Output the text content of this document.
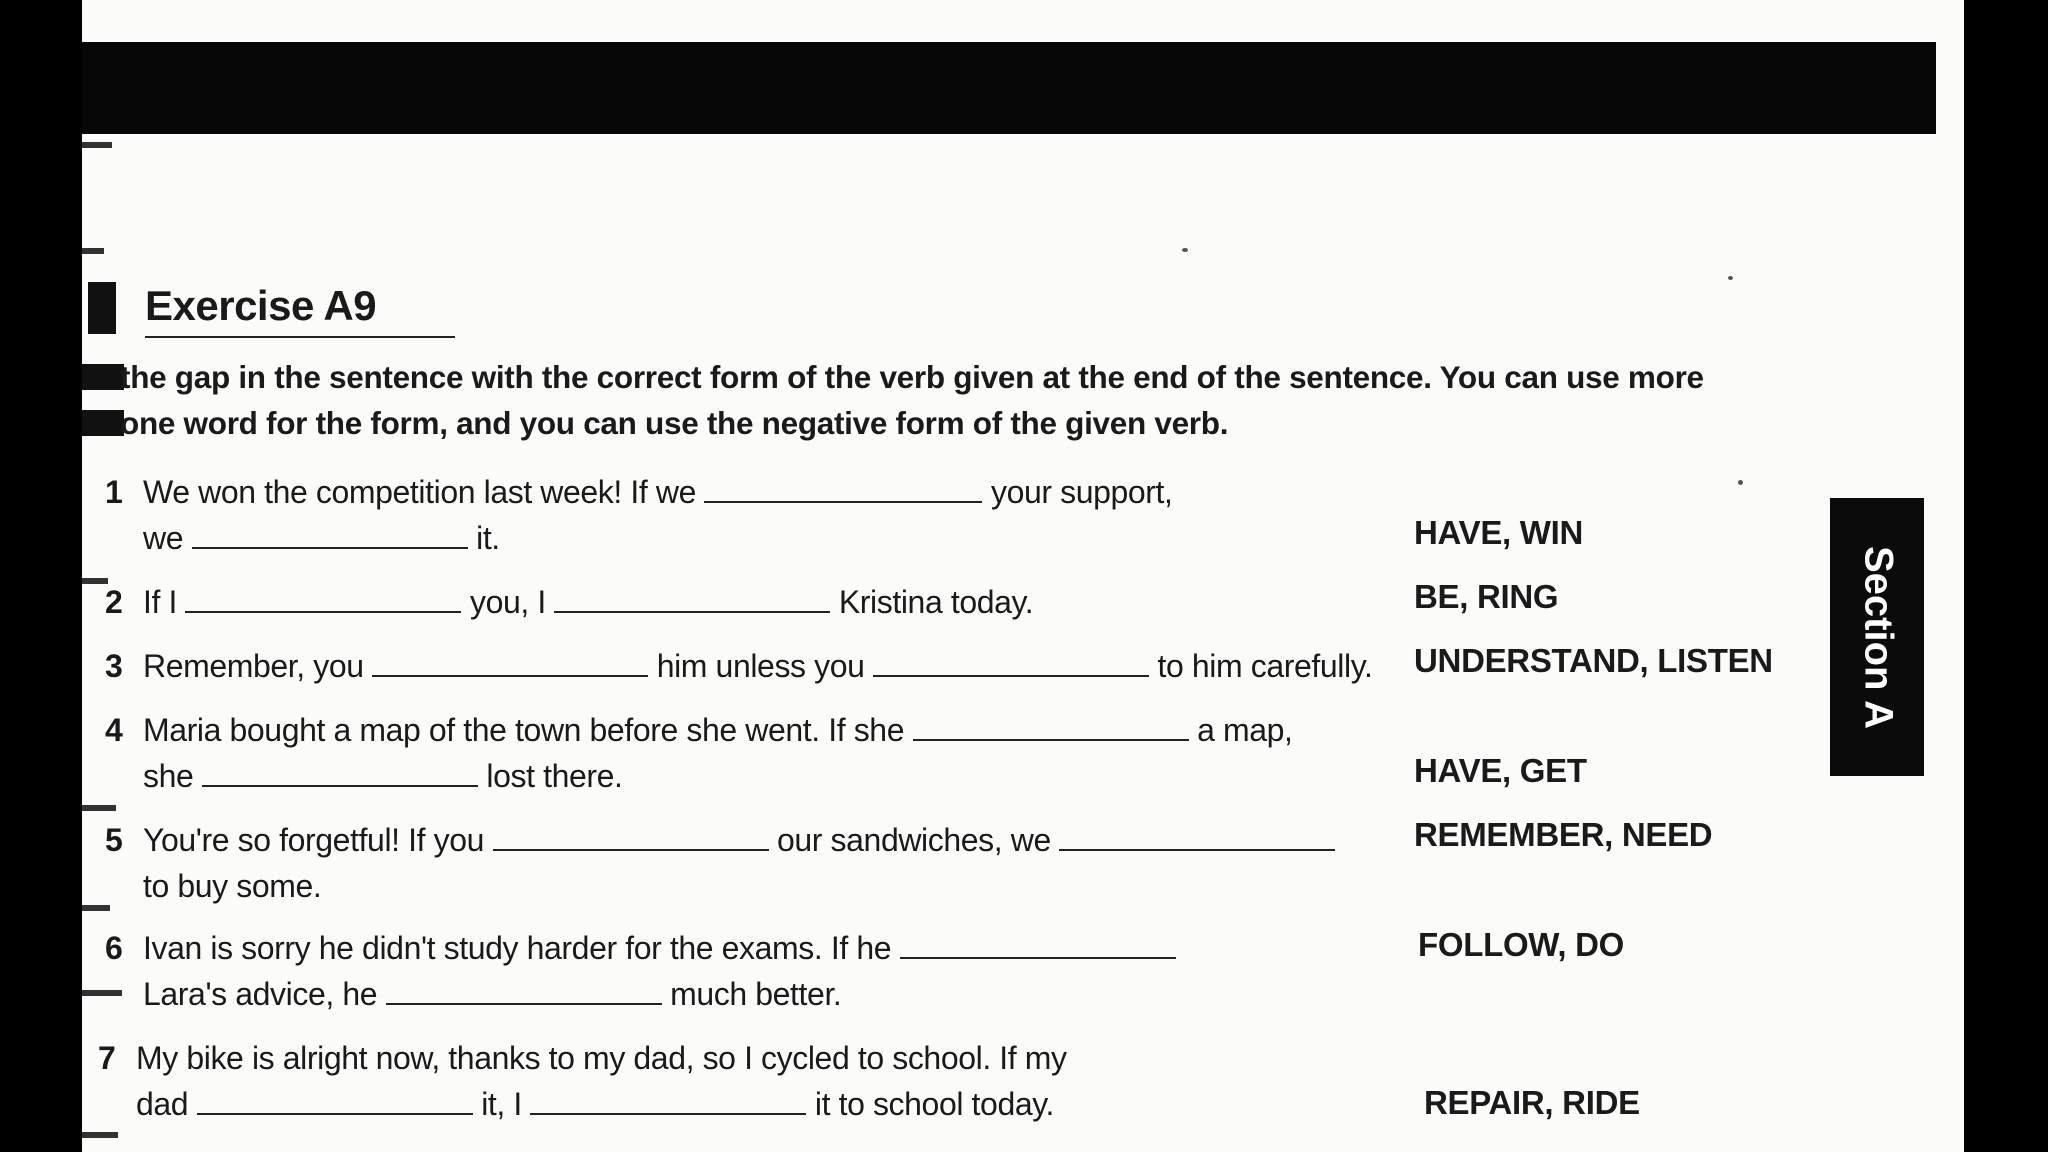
Exercise A9

the gap in the sentence with the correct form of the verb given at the end of the sentence. You can use more
one word for the form, and you can use the negative form of the given verb.

1 We won the competition last week! If we	your support,
we	it.	HAVE, WIN
2 If I	you, I	Kristina today.	BE, RING
3 Remember, you	him unless you	to him carefully. UNDERSTAND, LISTEN
4 Maria bought a map of the town before she went. If she	a map,
she	lost there.	HAVE, GET
5 You're so forgetful! If you	our sandwiches, we
to buy some.
REMEMBER, NEED
6 Ivan is sorry he didn't study harder for the exams. If he
Lara's advice, he	much better.
FOLLOW, DO
7 My bike is alright now, thanks to my dad, so I cycled to school. If my
dad	it, I	it to school today.	REPAIR, RIDE
Section A
